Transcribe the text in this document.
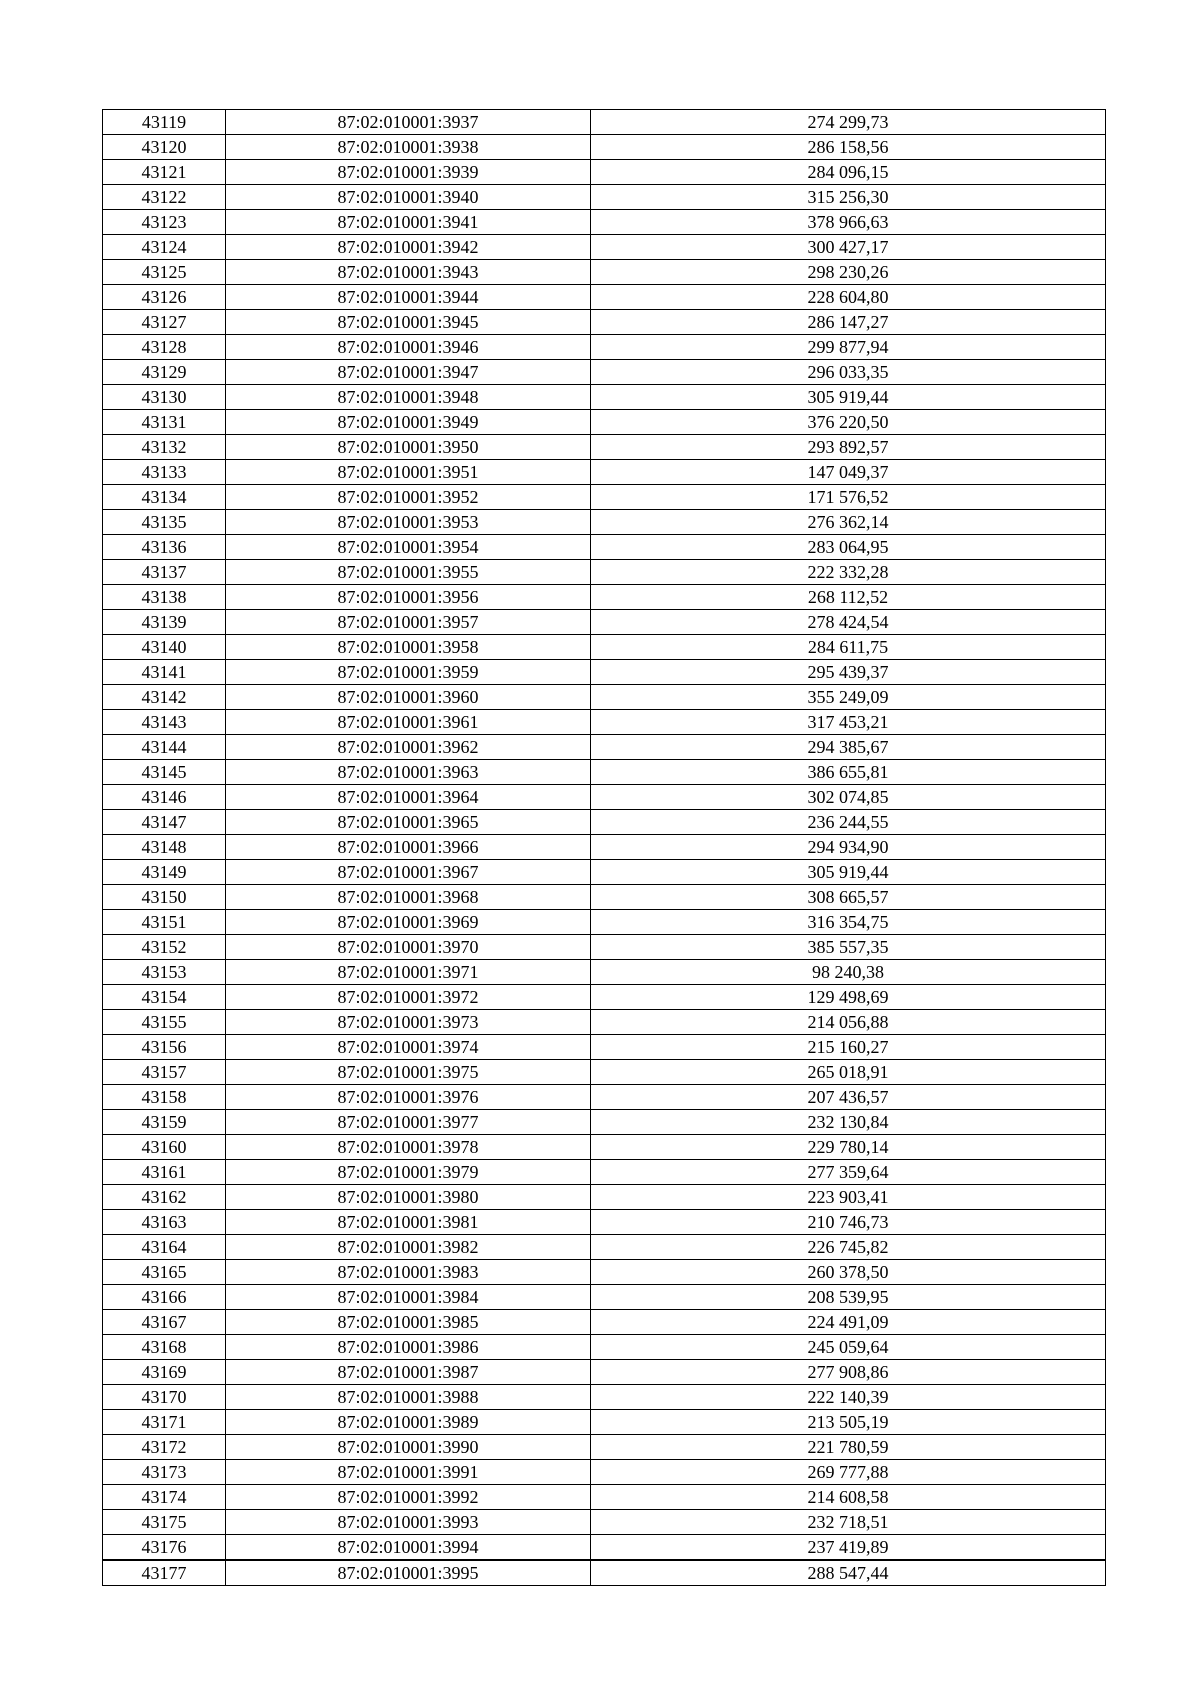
43119	87:02:010001:3937	274 299,73
43120	87:02:010001:3938	286 158,56
43121	87:02:010001:3939	284 096,15
43122	87:02:010001:3940	315 256,30
43123	87:02:010001:3941	378 966,63
43124	87:02:010001:3942	300 427,17
43125	87:02:010001:3943	298 230,26
43126	87:02:010001:3944	228 604,80
43127	87:02:010001:3945	286 147,27
43128	87:02:010001:3946	299 877,94
43129	87:02:010001:3947	296 033,35
43130	87:02:010001:3948	305 919,44
43131	87:02:010001:3949	376 220,50
43132	87:02:010001:3950	293 892,57
43133	87:02:010001:3951	147 049,37
43134	87:02:010001:3952	171 576,52
43135	87:02:010001:3953	276 362,14
43136	87:02:010001:3954	283 064,95
43137	87:02:010001:3955	222 332,28
43138	87:02:010001:3956	268 112,52
43139	87:02:010001:3957	278 424,54
43140	87:02:010001:3958	284 611,75
43141	87:02:010001:3959	295 439,37
43142	87:02:010001:3960	355 249,09
43143	87:02:010001:3961	317 453,21
43144	87:02:010001:3962	294 385,67
43145	87:02:010001:3963	386 655,81
43146	87:02:010001:3964	302 074,85
43147	87:02:010001:3965	236 244,55
43148	87:02:010001:3966	294 934,90
43149	87:02:010001:3967	305 919,44
43150	87:02:010001:3968	308 665,57
43151	87:02:010001:3969	316 354,75
43152	87:02:010001:3970	385 557,35
43153	87:02:010001:3971	98 240,38
43154	87:02:010001:3972	129 498,69
43155	87:02:010001:3973	214 056,88
43156	87:02:010001:3974	215 160,27
43157	87:02:010001:3975	265 018,91
43158	87:02:010001:3976	207 436,57
43159	87:02:010001:3977	232 130,84
43160	87:02:010001:3978	229 780,14
43161	87:02:010001:3979	277 359,64
43162	87:02:010001:3980	223 903,41
43163	87:02:010001:3981	210 746,73
43164	87:02:010001:3982	226 745,82
43165	87:02:010001:3983	260 378,50
43166	87:02:010001:3984	208 539,95
43167	87:02:010001:3985	224 491,09
43168	87:02:010001:3986	245 059,64
43169	87:02:010001:3987	277 908,86
43170	87:02:010001:3988	222 140,39
43171	87:02:010001:3989	213 505,19
43172	87:02:010001:3990	221 780,59
43173	87:02:010001:3991	269 777,88
43174	87:02:010001:3992	214 608,58
43175	87:02:010001:3993	232 718,51
43176	87:02:010001:3994	237 419,89
43177	87:02:010001:3995	288 547,44
